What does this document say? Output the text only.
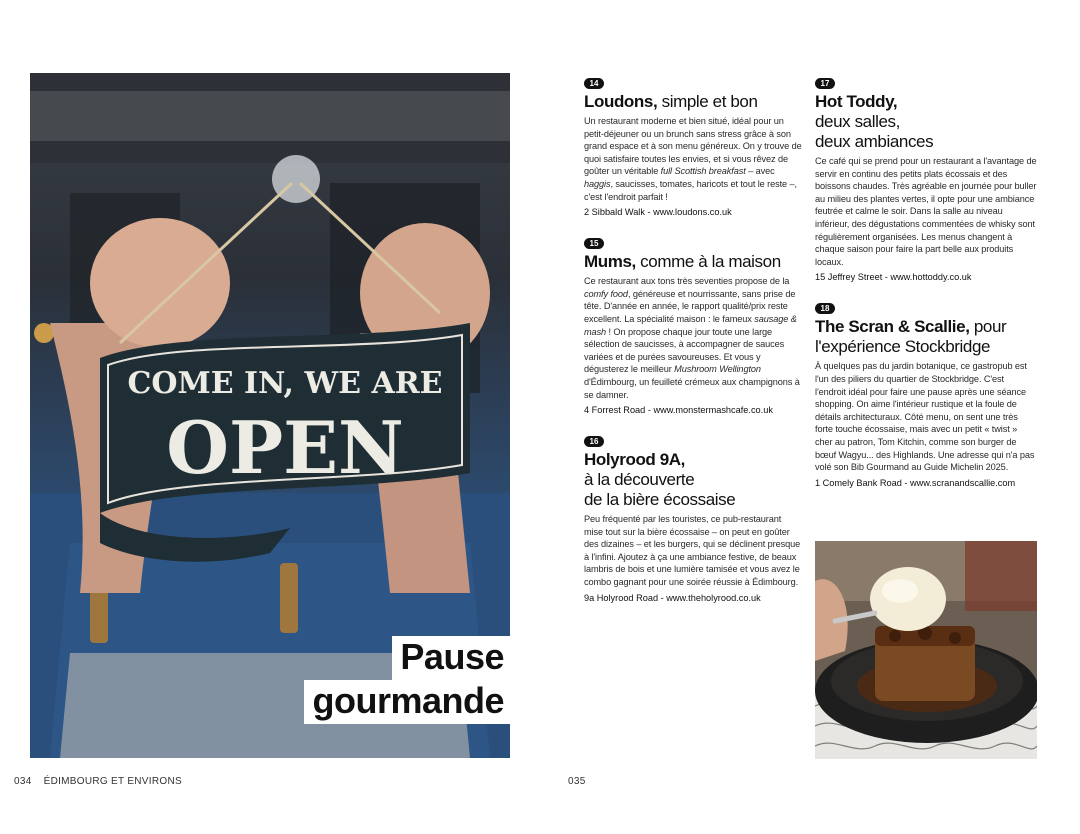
COME IN, WE ARE
OPEN
Pause
gourmande
034 ÉDIMBOURG ET ENVIRONS	035
14
Loudons, simple et bon

Un restaurant moderne et bien situé, idéal pour un petit-déjeuner ou un brunch sans stress grâce à son grand espace et à son menu généreux. On y trouve de quoi satisfaire toutes les envies, et si vous rêvez de goûter un véritable full Scottish breakfast – avec haggis, saucisses, tomates, haricots et tout le reste –, c'est l'endroit parfait !

2 Sibbald Walk - www.loudons.co.uk
15
Mums, comme à la maison

Ce restaurant aux tons très seventies propose de la comfy food, généreuse et nourrissante, sans prise de tête. D'année en année, le rapport qualité/prix reste excellent. La spécialité maison : le fameux sausage & mash ! On propose chaque jour toute une large sélection de saucisses, à accompagner de sauces variées et de purées savoureuses. Et vous y dégusterez le meilleur Mushroom Wellington d'Édimbourg, un feuilleté crémeux aux champignons à se damner.

4 Forrest Road - www.monstermashcafe.co.uk
16
Holyrood 9A,
à la découverte
de la bière écossaise

Peu fréquenté par les touristes, ce pub-restaurant mise tout sur la bière écossaise – on peut en goûter des dizaines – et les burgers, qui se déclinent presque à l'infini. Ajoutez à ça une ambiance festive, de beaux lambris de bois et une lumière tamisée et vous avez le combo gagnant pour une soirée réussie à Édimbourg.

9a Holyrood Road - www.theholyrood.co.uk
17
Hot Toddy,
deux salles,
deux ambiances

Ce café qui se prend pour un restaurant a l'avantage de servir en continu des petits plats écossais et des boissons chaudes. Très agréable en journée pour buller au milieu des plantes vertes, il opte pour une ambiance feutrée et calme le soir. Dans la salle au niveau inférieur, des dégustations commentées de whisky sont régulièrement organisées. Les menus changent à chaque saison pour faire la part belle aux produits locaux.

15 Jeffrey Street - www.hottoddy.co.uk
18
The Scran & Scallie, pour l'expérience Stockbridge

À quelques pas du jardin botanique, ce gastropub est l'un des piliers du quartier de Stockbridge. C'est l'endroit idéal pour faire une pause après une séance shopping. On aime l'intérieur rustique et la foule de détails architecturaux. Côté menu, on sent une très forte touche écossaise, mais avec un petit « twist » cher au patron, Tom Kitchin, comme son burger de bœuf Wagyu... des Highlands. Une adresse qui n'a pas volé son Bib Gourmand au Guide Michelin 2025.

1 Comely Bank Road - www.scranandscallie.com
